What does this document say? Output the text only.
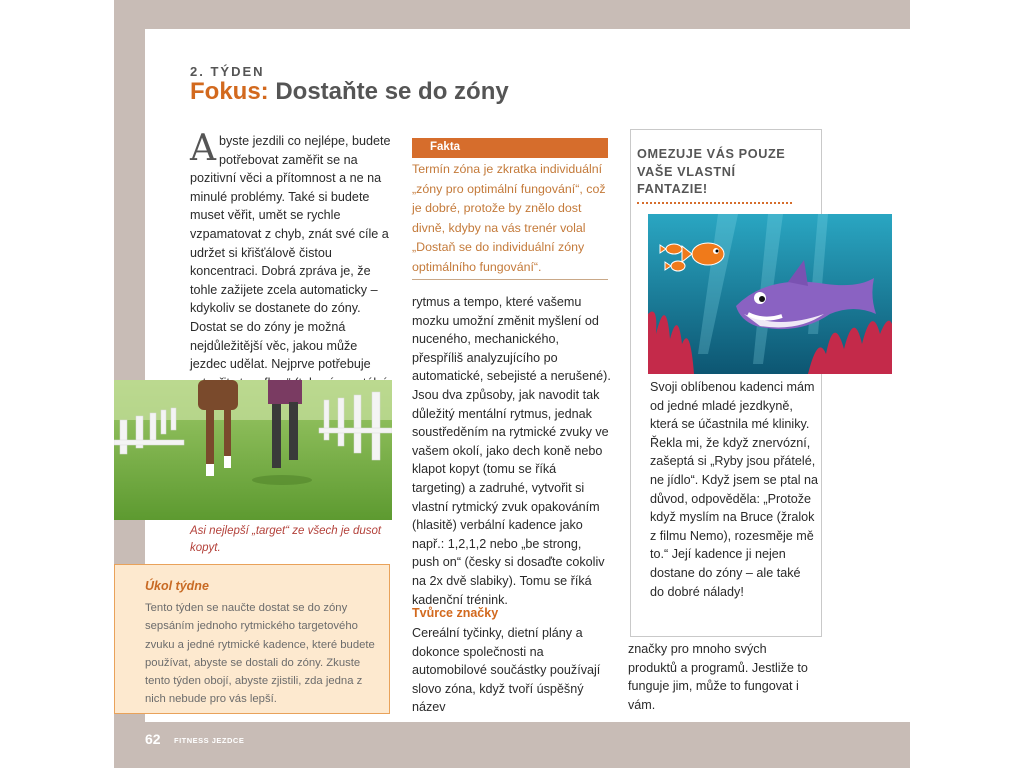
2. TÝDEN
Fokus: Dostaňte se do zóny
Abyste jezdili co nejlépe, budete potřebovat zaměřit se na pozitivní věci a přítomnost a ne na minulé problémy. Také si budete muset věřit, umět se rychle vzpamatovat z chyb, znát své cíle a udržet si křišťálově čistou koncentraci. Dobrá zpráva je, že tohle zažijete zcela automaticky – kdykoliv se dostanete do zóny. Dostat se do zóny je možná nejdůležitější věc, jakou může jezdec udělat. Nejprve potřebuje
Asi nejlepší „target“ ze všech je dusot kopyt.
Úkol týdne
Tento týden se naučte dostat se do zóny sepsáním jednoho rytmického targetového zvuku a jedné rytmické kadence, které budete používat, abyste se dostali do zóny. Zkuste tento týden obojí, abyste zjistili, zda jedna z nich nebude pro vás lepší.
Fakta
Termín zóna je zkratka individuální „zóny pro optimální fungování“, což je dobré, protože by znělo dost divně, kdyby na vás trenér volal „Dostaň se do individuální zóny optimálního fungování“.
rytmus a tempo, které vašemu mozku umožní změnit myšlení od nuceného, mechanického, přespříliš analyzujícího po automatické, sebejisté a nerušené). Jsou dva způsoby, jak navodit tak důležitý mentální rytmus, jednak soustředěním na rytmické zvuky ve vašem okolí, jako dech koně nebo klapot kopyt (tomu se říká targeting) a zadruhé, vytvořit si vlastní rytmický zvuk opakováním (hlasitě) verbální kadence jako např.: 1,2,1,2 nebo „be strong, push on“ (česky si dosaďte cokoliv na 2x dvě slabiky). Tomu se říká kadenční trénink.
Tvůrce značky
Cereální tyčinky, dietní plány a dokonce společnosti na automobilové součástky používají slovo zóna, když tvoří úspěšný název
OMEZUJE VÁS POUZE VAŠE VLASTNÍ FANTAZIE!
Svoji oblíbenou kadenci mám od jedné mladé jezdkyně, která se účastnila mé kliniky. Řekla mi, že když znervózní, zašeptá si „Ryby jsou přátelé, ne jídlo“. Když jsem se ptal na důvod, odpověděla: „Protože když myslím na Bruce (žralok z filmu Nemo), rozesměje mě to.“ Její kadence ji nejen dostane do zóny – ale také do dobré nálady!
značky pro mnoho svých produktů a programů. Jestliže to funguje jim, může to fungovat i vám.
62 FITNESS JEZDCE
